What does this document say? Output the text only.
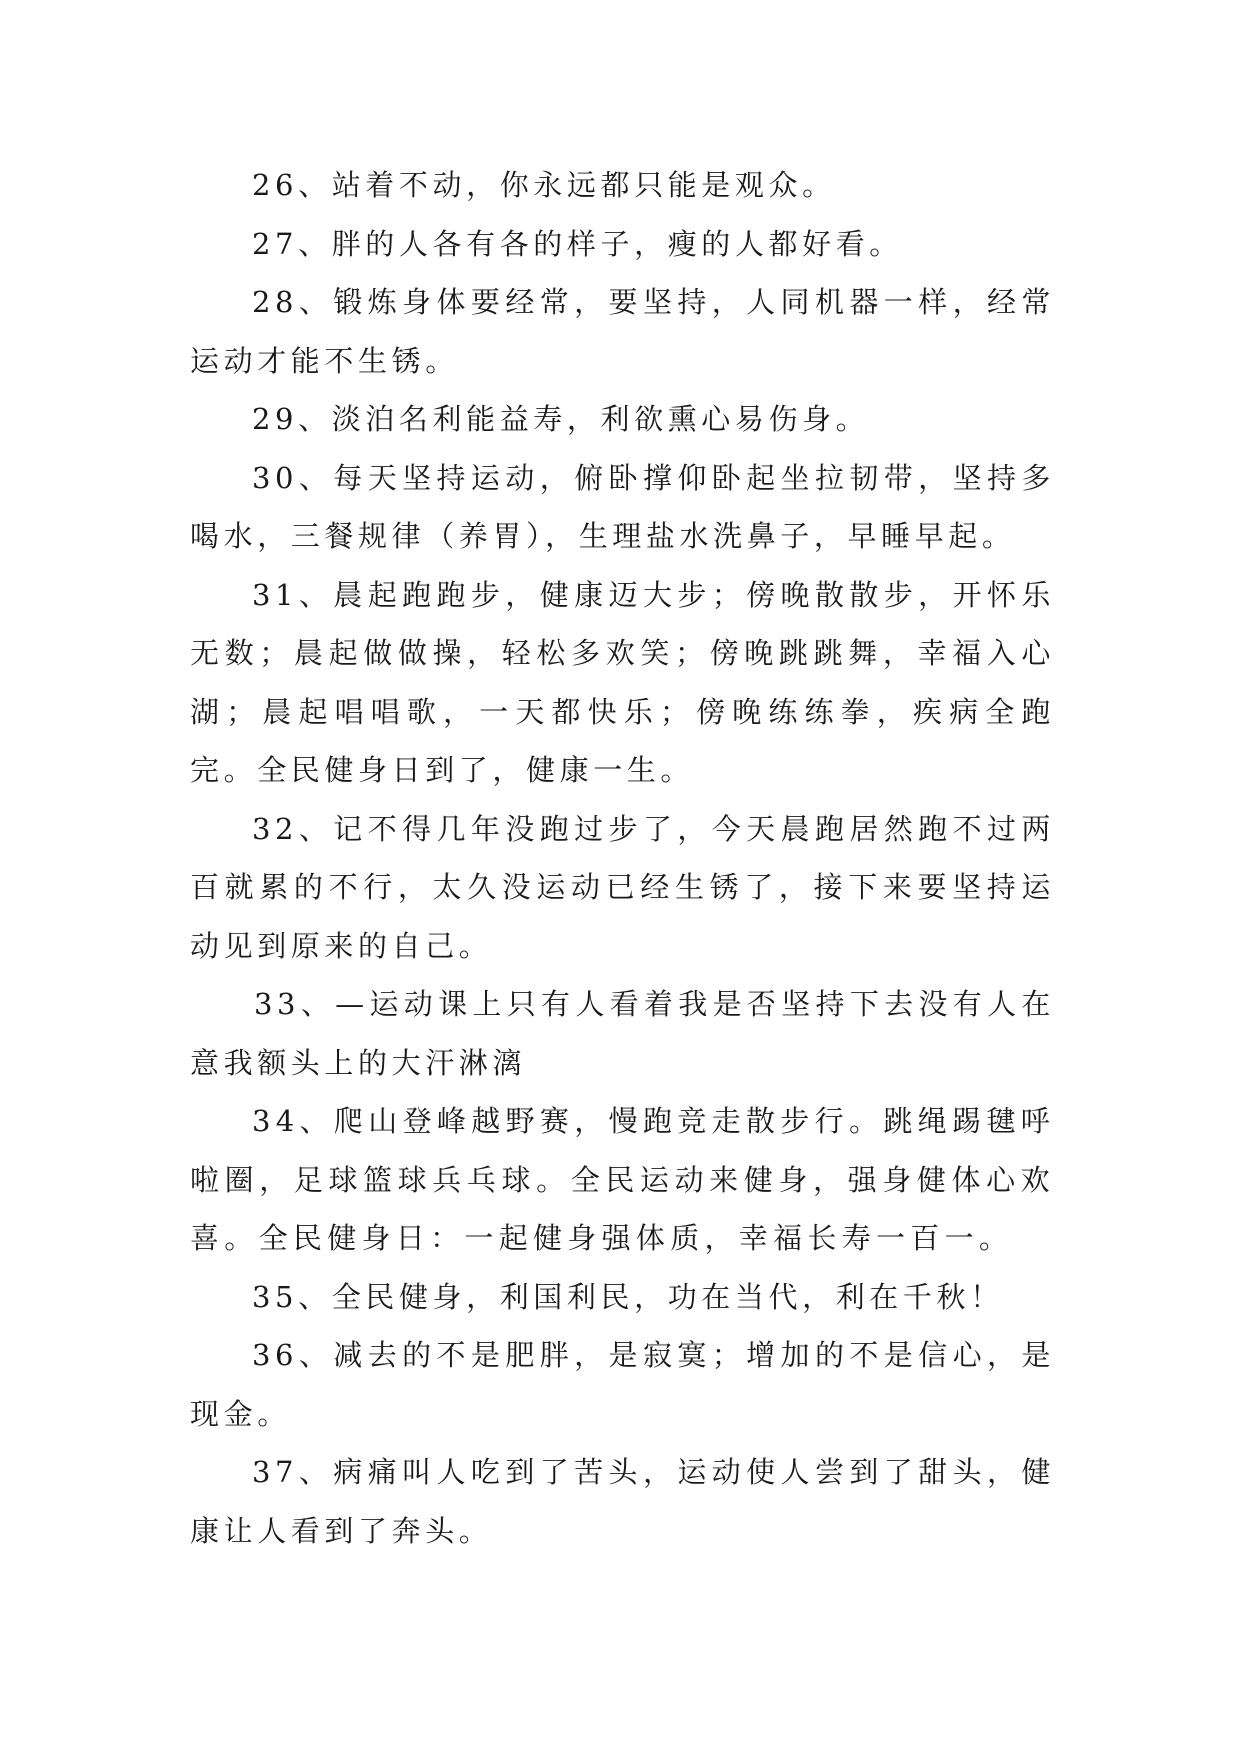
26、站着不动，你永远都只能是观众。

27、胖的人各有各的样子，瘦的人都好看。

28、锻炼身体要经常，要坚持，人同机器一样，经常运动才能不生锈。

29、淡泊名利能益寿，利欲熏心易伤身。

30、每天坚持运动，俯卧撑仰卧起坐拉韧带，坚持多喝水，三餐规律（养胃），生理盐水洗鼻子，早睡早起。

31、晨起跑跑步，健康迈大步；傍晚散散步，开怀乐无数；晨起做做操，轻松多欢笑；傍晚跳跳舞，幸福入心湖；晨起唱唱歌，一天都快乐；傍晚练练拳，疾病全跑完。全民健身日到了，健康一生。

32、记不得几年没跑过步了，今天晨跑居然跑不过两百就累的不行，太久没运动已经生锈了，接下来要坚持运动见到原来的自己。

33、—运动课上只有人看着我是否坚持下去没有人在意我额头上的大汗淋漓

34、爬山登峰越野赛，慢跑竞走散步行。跳绳踢毽呼啦圈，足球篮球兵乓球。全民运动来健身，强身健体心欢喜。全民健身日：一起健身强体质，幸福长寿一百一。

35、全民健身，利国利民，功在当代，利在千秋！

36、减去的不是肥胖，是寂寞；增加的不是信心，是现金。

37、病痛叫人吃到了苦头，运动使人尝到了甜头，健康让人看到了奔头。
